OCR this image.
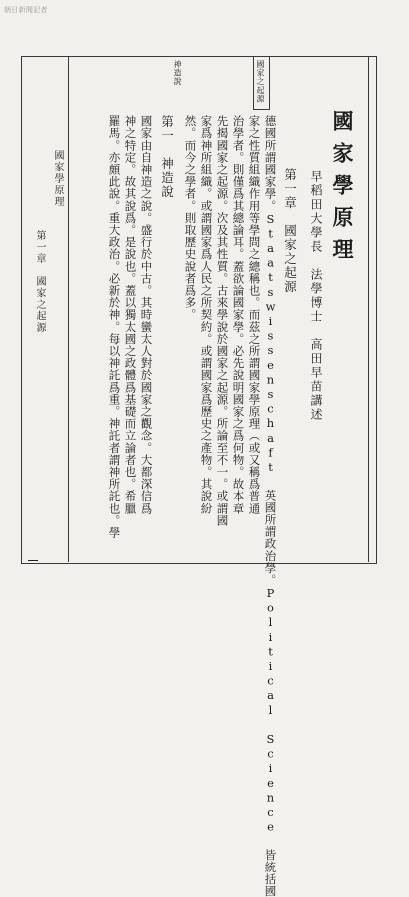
朝日新聞記者
國家之起源
國家學原理
早稻田大學長　法學博士　高田早苗講述
第一章　國家之起源
德國所謂國家學。Staatswissenschaft 英國所謂政治學。Political Science 皆統括國
家之性質組織作用等學問之總稱也。而茲之所謂國家學原理（或又稱爲普通
治學者。則僅爲其總論耳。蓋欲論國家學。必先說明國家之爲何物。故本章
先揭國家之起源。次及其性質。古來學說於國家之起源。所論至不一。或謂國
家爲神所組織。或謂國家爲人民之所契約。或謂國家爲歷史之產物。其說紛
然。而今之學者。則取歷史說者爲多。
神造說
第一　神造說
國家由自神造之說。盛行於中古。其時蠻太人對於國家之觀念。大都深信爲
神之特定。故其說爲。是說也。蓋以獨太國之政體爲基礎而立論者也。希臘
羅馬。亦頗此說。重大政治。必新於神。每以神託爲重。神託者謂神所託也。學
國家學原理
第一章　國家之起源
